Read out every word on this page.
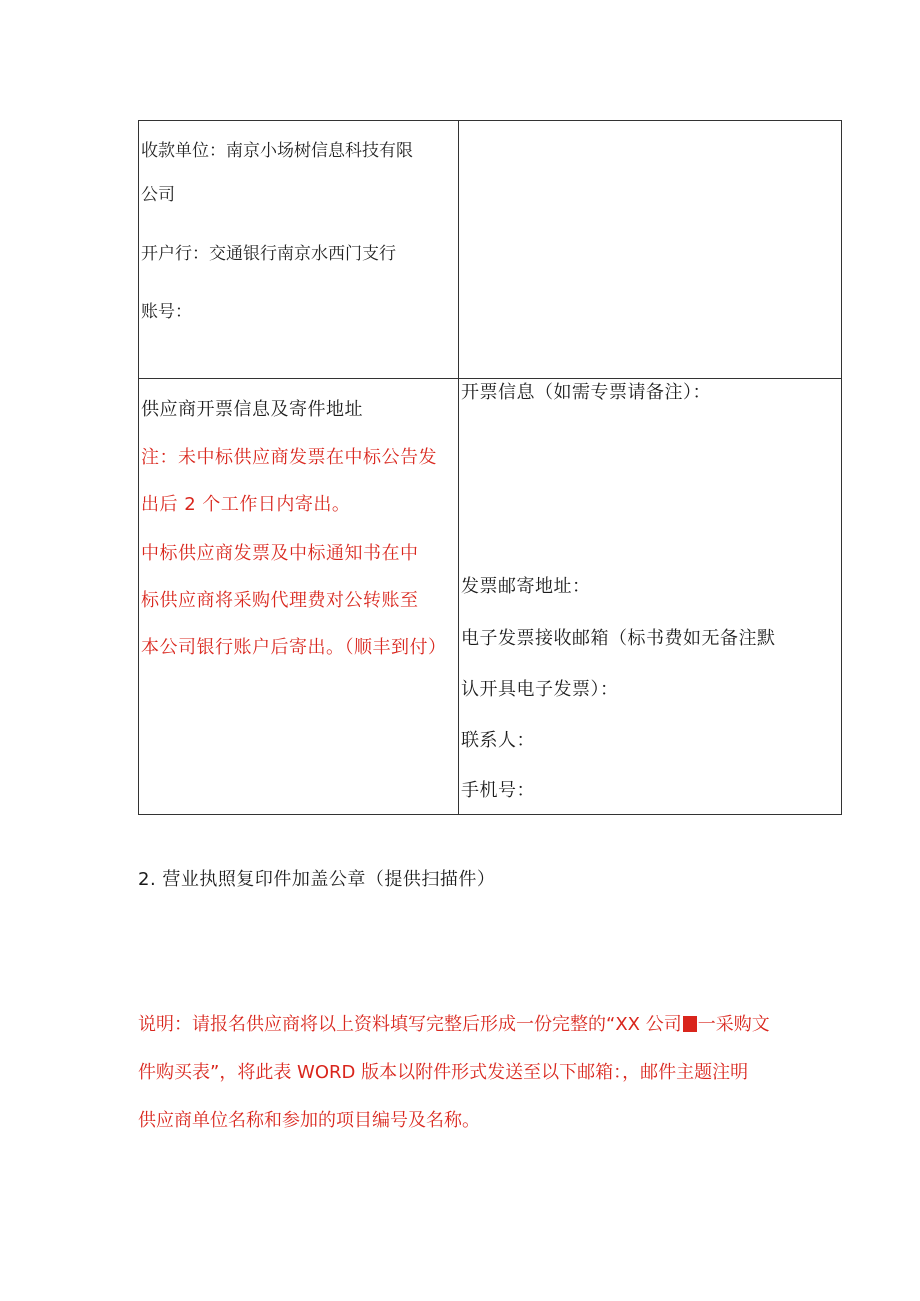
收款单位：南京小场树信息科技有限
公司
开户行：交通银行南京水西门支行
账号：
供应商开票信息及寄件地址
注：未中标供应商发票在中标公告发
出后 2 个工作日内寄出。
中标供应商发票及中标通知书在中
标供应商将采购代理费对公转账至
本公司银行账户后寄出。（顺丰到付）
开票信息（如需专票请备注）：
发票邮寄地址：
电子发票接收邮箱（标书费如无备注默
认开具电子发票）：
联系人：
手机号：
2. 营业执照复印件加盖公章（提供扫描件）
说明：请报名供应商将以上资料填写完整后形成一份完整的“XX 公司 一采购文
件购买表”，将此表 WORD 版本以附件形式发送至以下邮箱：，邮件主题注明
供应商单位名称和参加的项目编号及名称。
